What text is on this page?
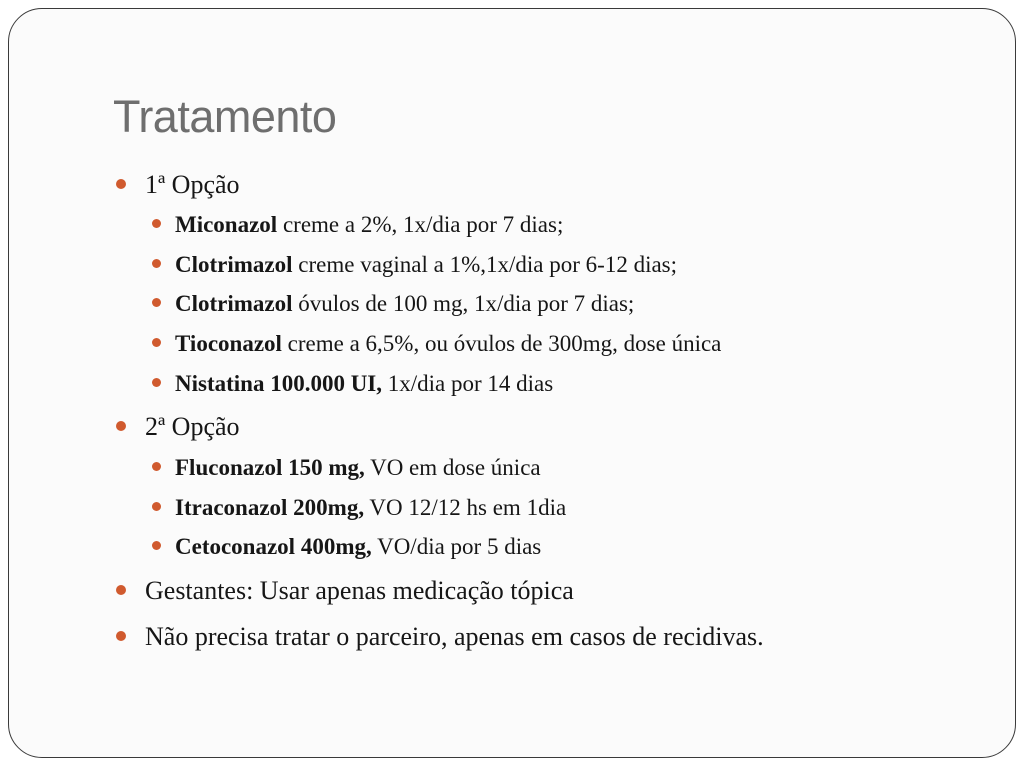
Tratamento
1ª Opção
Miconazol creme a 2%, 1x/dia por 7 dias;
Clotrimazol creme vaginal a 1%,1x/dia por 6-12 dias;
Clotrimazol óvulos de 100 mg, 1x/dia por 7 dias;
Tioconazol creme a 6,5%, ou óvulos de 300mg, dose única
Nistatina 100.000 UI, 1x/dia por 14 dias
2ª Opção
Fluconazol 150 mg, VO em dose única
Itraconazol 200mg, VO 12/12 hs em 1dia
Cetoconazol 400mg, VO/dia por 5 dias
Gestantes: Usar apenas medicação tópica
Não precisa tratar o parceiro, apenas em casos de recidivas.
